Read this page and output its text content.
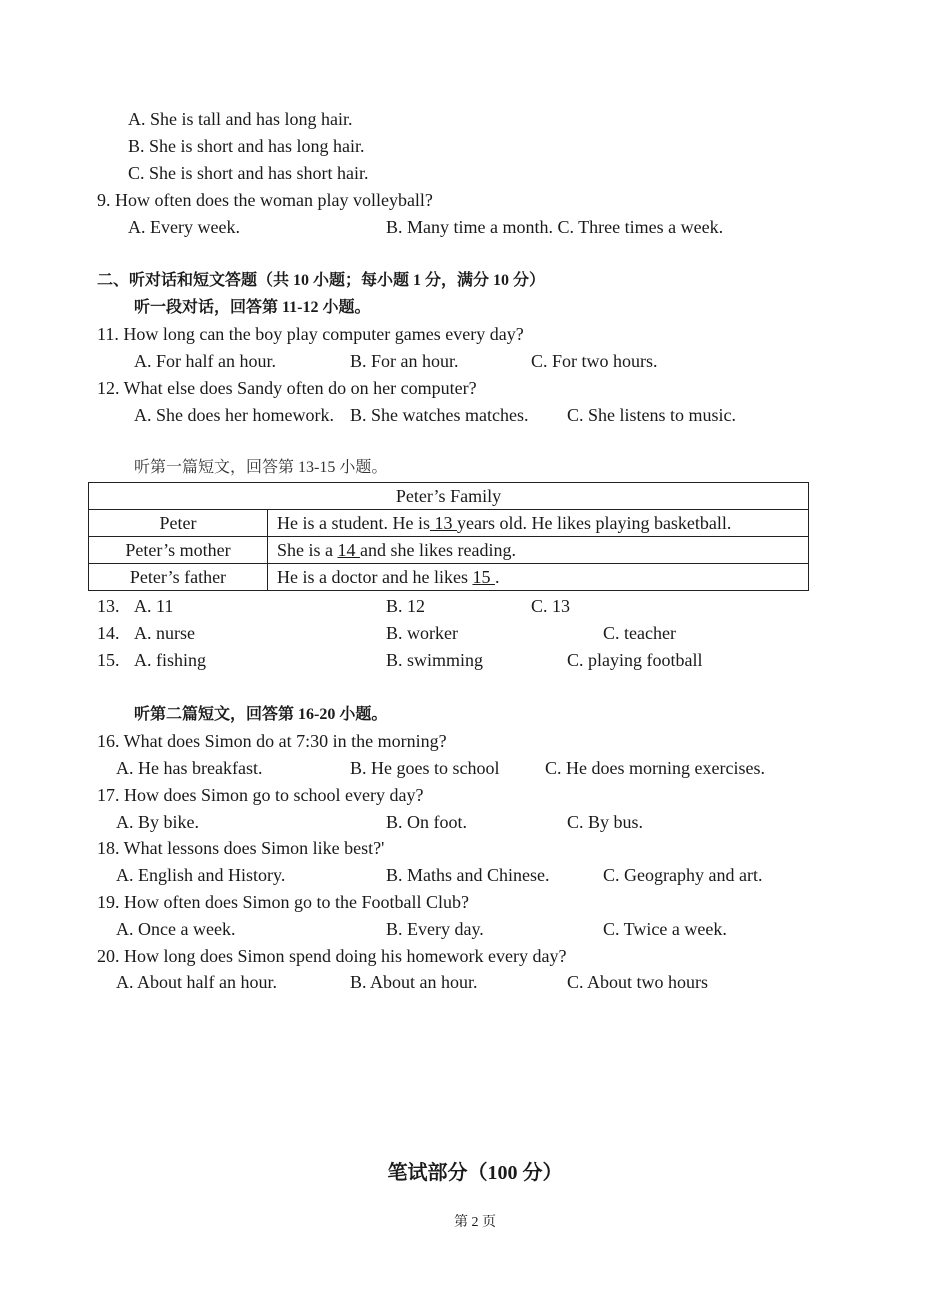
A. She is tall and has long hair.
B. She is short and has long hair.
C. She is short and has short hair.
9. How often does the woman play volleyball?
A. Every week.	B. Many time a month. C. Three times a week.
二、听对话和短文答题（共 10 小题；每小题 1 分，满分 10 分）
听一段对话，回答第 11-12 小题。
11. How long can the boy play computer games every day?
A. For half an hour.	B. For an hour.	C. For two hours.
12. What else does Sandy often do on her computer?
A. She does her homework. B. She watches matches. C. She listens to music.
听第一篇短文，回答第 13-15 小题。
Peter’s Family	
Peter	He is a student. He is 13 years old. He likes playing basketball.
Peter’s mother	She is a 14 and she likes reading.
Peter’s father	He is a doctor and he likes 15 .
13. A. 11	B. 12	C. 13
14. A. nurse	B. worker	C. teacher
15. A. fishing	B. swimming	C. playing football
听第二篇短文，回答第 16-20 小题。
16. What does Simon do at 7:30 in the morning?
A. He has breakfast.	B. He goes to school	C. He does morning exercises.
17. How does Simon go to school every day?
A. By bike.	B. On foot.	C. By bus.
18. What lessons does Simon like best?'
A. English and History.	B. Maths and Chinese.	C. Geography and art.
19. How often does Simon go to the Football Club?
A. Once a week.	B. Every day.	C. Twice a week.
20. How long does Simon spend doing his homework every day?
A. About half an hour.	B. About an hour.	C. About two hours
笔试部分（100 分）
第 2 页
